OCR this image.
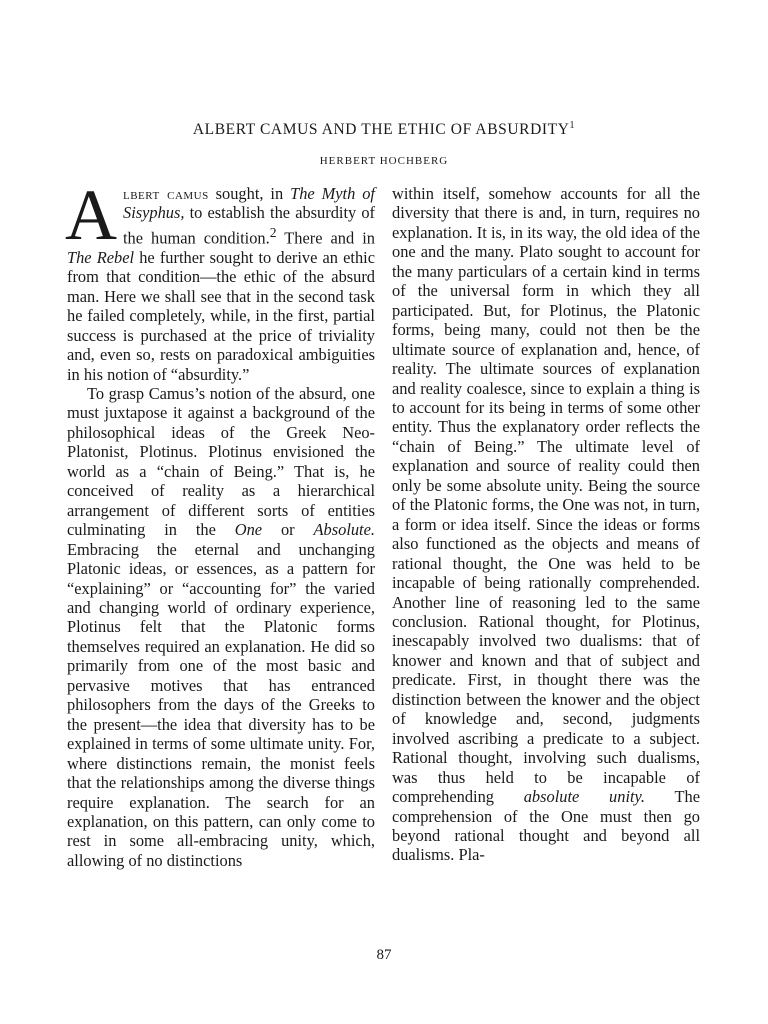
ALBERT CAMUS AND THE ETHIC OF ABSURDITY$^1$
HERBERT HOCHBERG

Albert camus sought, in The Myth of Sisyphus, to establish the absurdity of the human condition.$^2$ There and in The Rebel he further sought to derive an ethic from that condition—the ethic of the absurd man. Here we shall see that in the second task he failed completely, while, in the first, partial success is purchased at the price of triviality and, even so, rests on paradoxical ambiguities in his notion of “absurdity.”

To grasp Camus’s notion of the absurd, one must juxtapose it against a background of the philosophical ideas of the Greek Neo-Platonist, Plotinus. Plotinus envisioned the world as a “chain of Being.” That is, he conceived of reality as a hierarchical arrangement of different sorts of entities culminating in the One or Absolute. Embracing the eternal and unchanging Platonic ideas, or essences, as a pattern for “explaining” or “accounting for” the varied and changing world of ordinary experience, Plotinus felt that the Platonic forms themselves required an explanation. He did so primarily from one of the most basic and pervasive motives that has entranced philosophers from the days of the Greeks to the present—the idea that diversity has to be explained in terms of some ultimate unity. For, where distinctions remain, the monist feels that the relationships among the diverse things require explanation. The search for an explanation, on this pattern, can only come to rest in some all-embracing unity, which, allowing of no distinctions

within itself, somehow accounts for all the diversity that there is and, in turn, requires no explanation. It is, in its way, the old idea of the one and the many. Plato sought to account for the many particulars of a certain kind in terms of the universal form in which they all participated. But, for Plotinus, the Platonic forms, being many, could not then be the ultimate source of explanation and, hence, of reality. The ultimate sources of explanation and reality coalesce, since to explain a thing is to account for its being in terms of some other entity. Thus the explanatory order reflects the “chain of Being.” The ultimate level of explanation and source of reality could then only be some absolute unity. Being the source of the Platonic forms, the One was not, in turn, a form or idea itself. Since the ideas or forms also functioned as the objects and means of rational thought, the One was held to be incapable of being rationally comprehended. Another line of reasoning led to the same conclusion. Rational thought, for Plotinus, inescapably involved two dualisms: that of knower and known and that of subject and predicate. First, in thought there was the distinction between the knower and the object of knowledge and, second, judgments involved ascribing a predicate to a subject. Rational thought, involving such dualisms, was thus held to be incapable of comprehending absolute unity. The comprehension of the One must then go beyond rational thought and beyond all dualisms. Pla-

87
